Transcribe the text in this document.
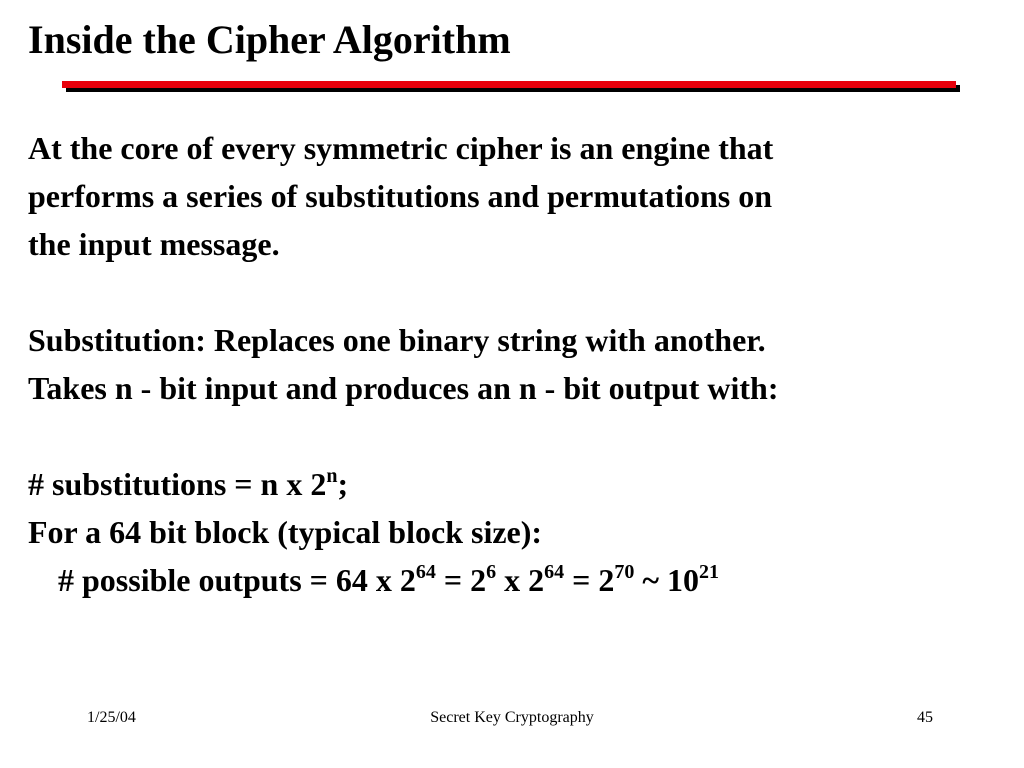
Inside the Cipher Algorithm

At the core of every symmetric cipher is an engine that

performs a series of substitutions and permutations on

the input message.

Substitution: Replaces one binary string with another.

Takes n - bit input and produces an n - bit output with:

# substitutions = n x 2$^n$;

For a 64 bit block (typical block size):

# possible outputs = 64 x $2^{64} = 2^6$ x $2^{64} = 2^{70}$ ~ $10^{21}$

1/25/04	Secret Key Cryptography	45
